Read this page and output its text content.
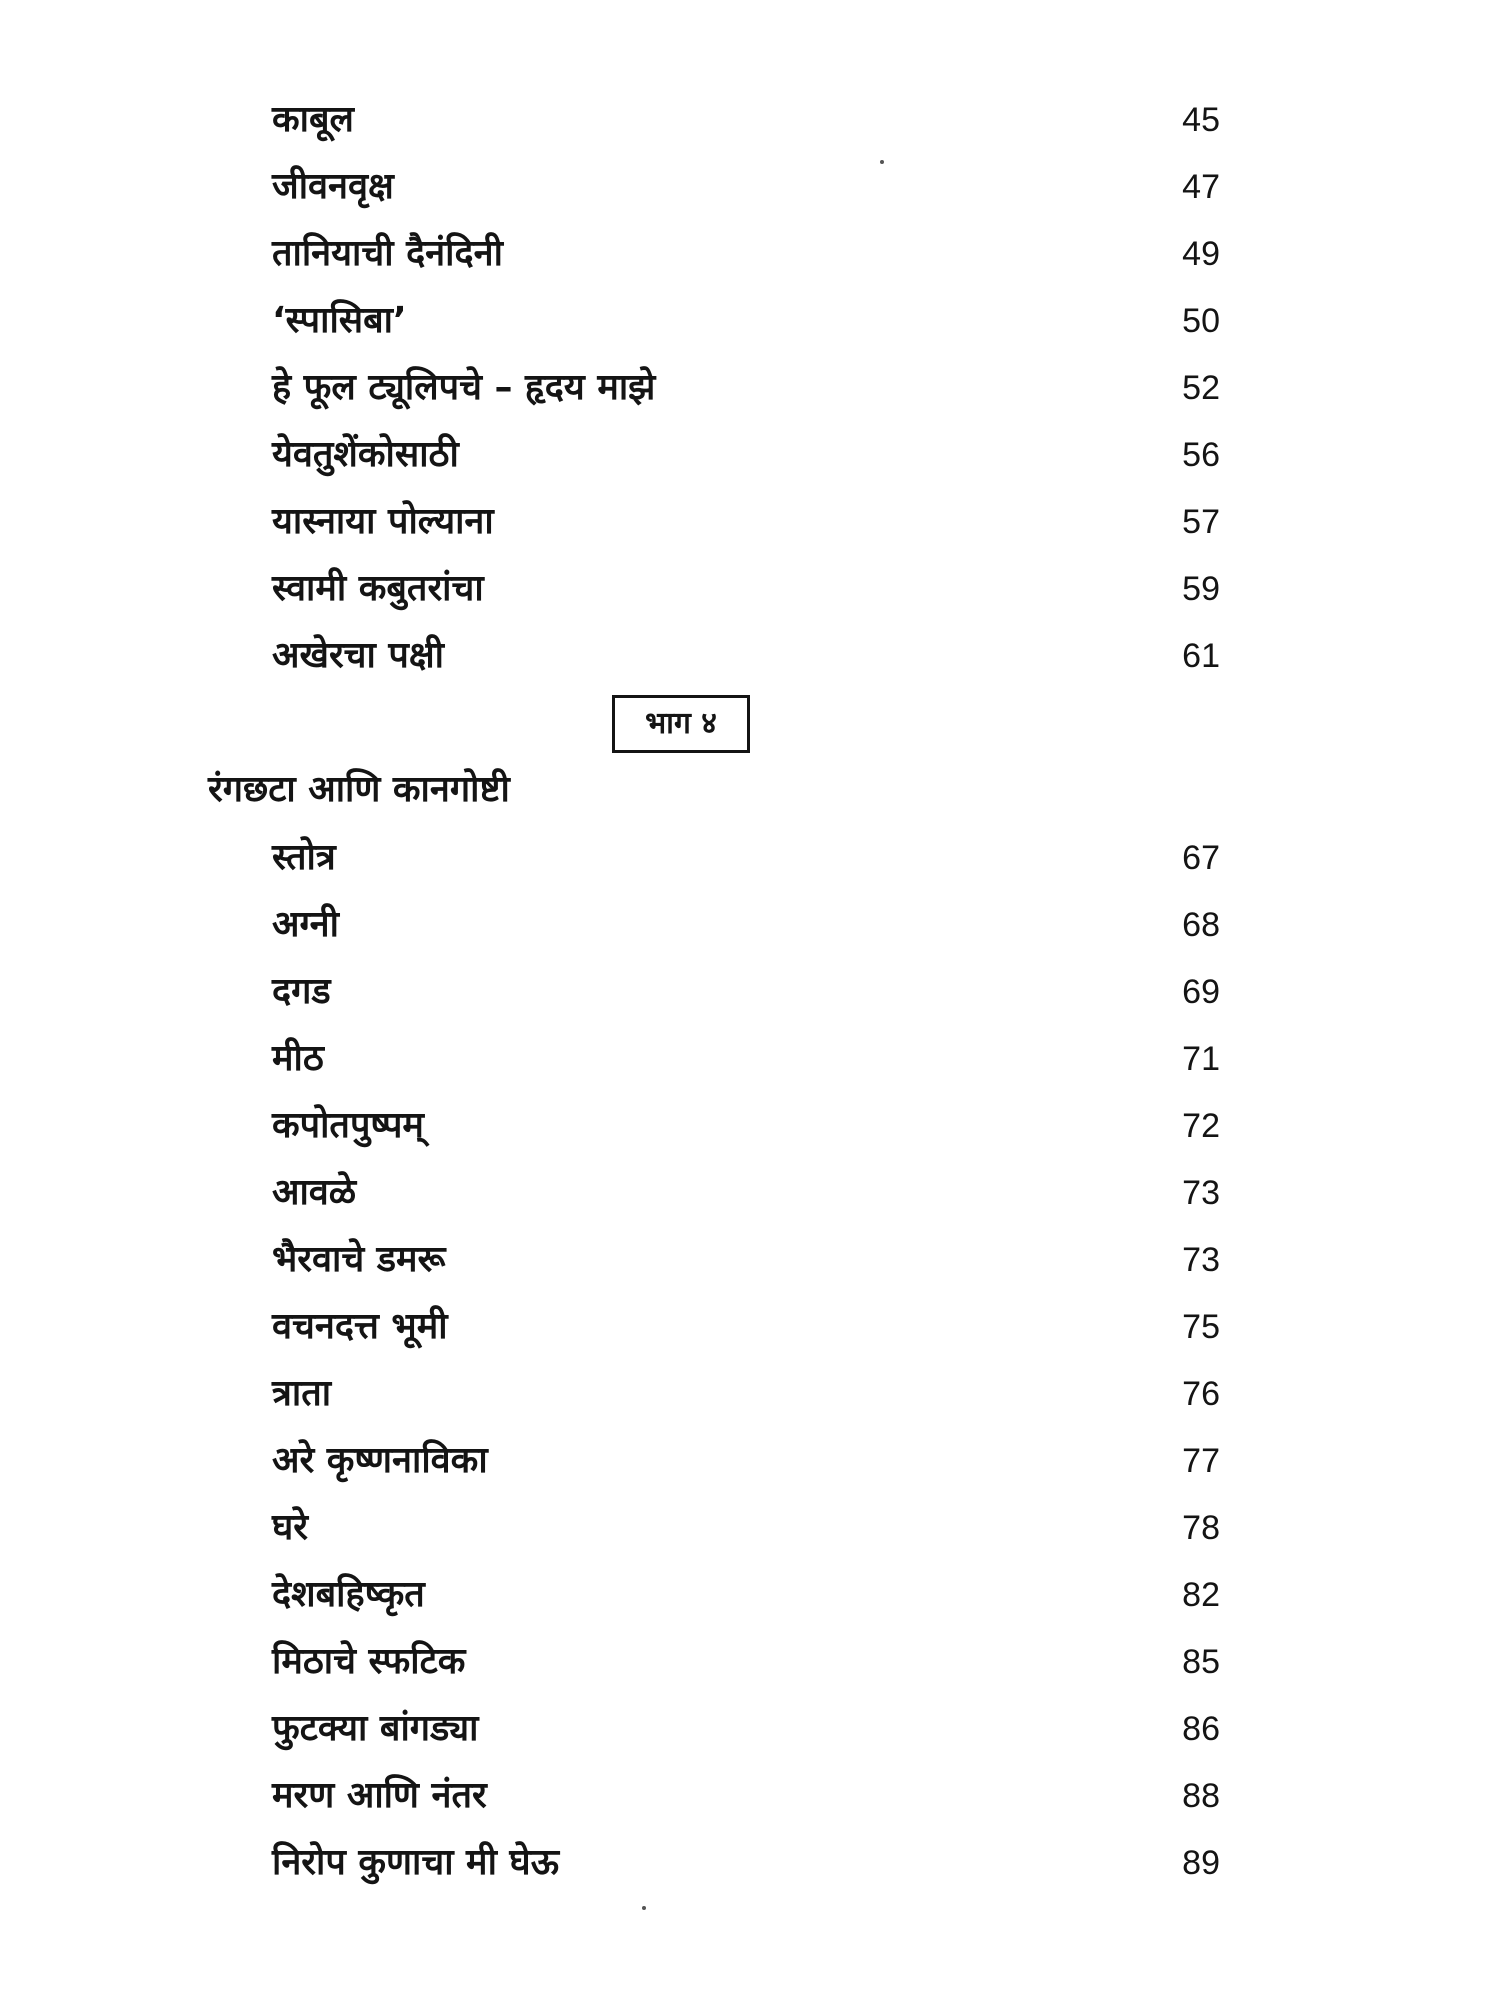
काबूल	45
जीवनवृक्ष	47
तानियाची दैनंदिनी	49
‘स्पासिबा’	50
हे फूल ट्यूलिपचे – हृदय माझे	52
येवतुशेंकोसाठी	56
यास्नाया पोल्याना	57
स्वामी कबुतरांचा	59
अखेरचा पक्षी	61
भाग ४
रंगछटा आणि कानगोष्टी
स्तोत्र	67
अग्नी	68
दगड	69
मीठ	71
कपोतपुष्पम्	72
आवळे	73
भैरवाचे डमरू	73
वचनदत्त भूमी	75
त्राता	76
अरे कृष्णनाविका	77
घरे	78
देशबहिष्कृत	82
मिठाचे स्फटिक	85
फुटक्या बांगड्या	86
मरण आणि नंतर	88
निरोप कुणाचा मी घेऊ	89
